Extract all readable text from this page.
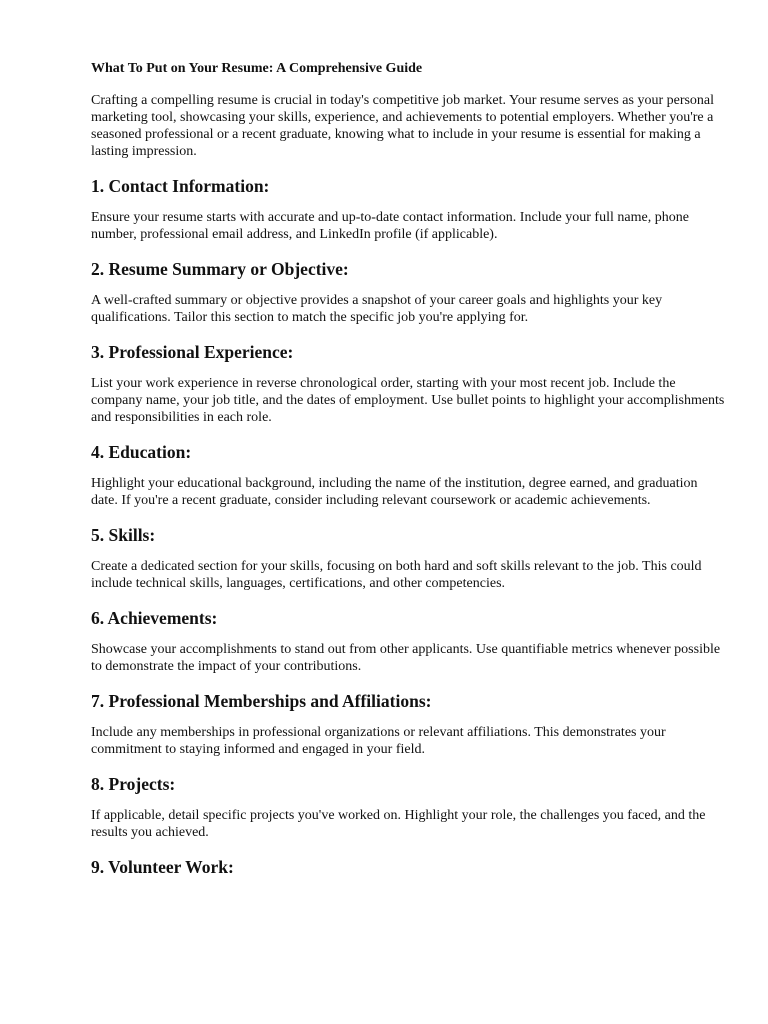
What To Put on Your Resume: A Comprehensive Guide

Crafting a compelling resume is crucial in today's competitive job market. Your resume serves as your personal marketing tool, showcasing your skills, experience, and achievements to potential employers. Whether you're a seasoned professional or a recent graduate, knowing what to include in your resume is essential for making a lasting impression.

1. Contact Information:

Ensure your resume starts with accurate and up-to-date contact information. Include your full name, phone number, professional email address, and LinkedIn profile (if applicable).

2. Resume Summary or Objective:

A well-crafted summary or objective provides a snapshot of your career goals and highlights your key qualifications. Tailor this section to match the specific job you're applying for.

3. Professional Experience:

List your work experience in reverse chronological order, starting with your most recent job. Include the company name, your job title, and the dates of employment. Use bullet points to highlight your accomplishments and responsibilities in each role.

4. Education:

Highlight your educational background, including the name of the institution, degree earned, and graduation date. If you're a recent graduate, consider including relevant coursework or academic achievements.

5. Skills:

Create a dedicated section for your skills, focusing on both hard and soft skills relevant to the job. This could include technical skills, languages, certifications, and other competencies.

6. Achievements:

Showcase your accomplishments to stand out from other applicants. Use quantifiable metrics whenever possible to demonstrate the impact of your contributions.

7. Professional Memberships and Affiliations:

Include any memberships in professional organizations or relevant affiliations. This demonstrates your commitment to staying informed and engaged in your field.

8. Projects:

If applicable, detail specific projects you've worked on. Highlight your role, the challenges you faced, and the results you achieved.

9. Volunteer Work:
